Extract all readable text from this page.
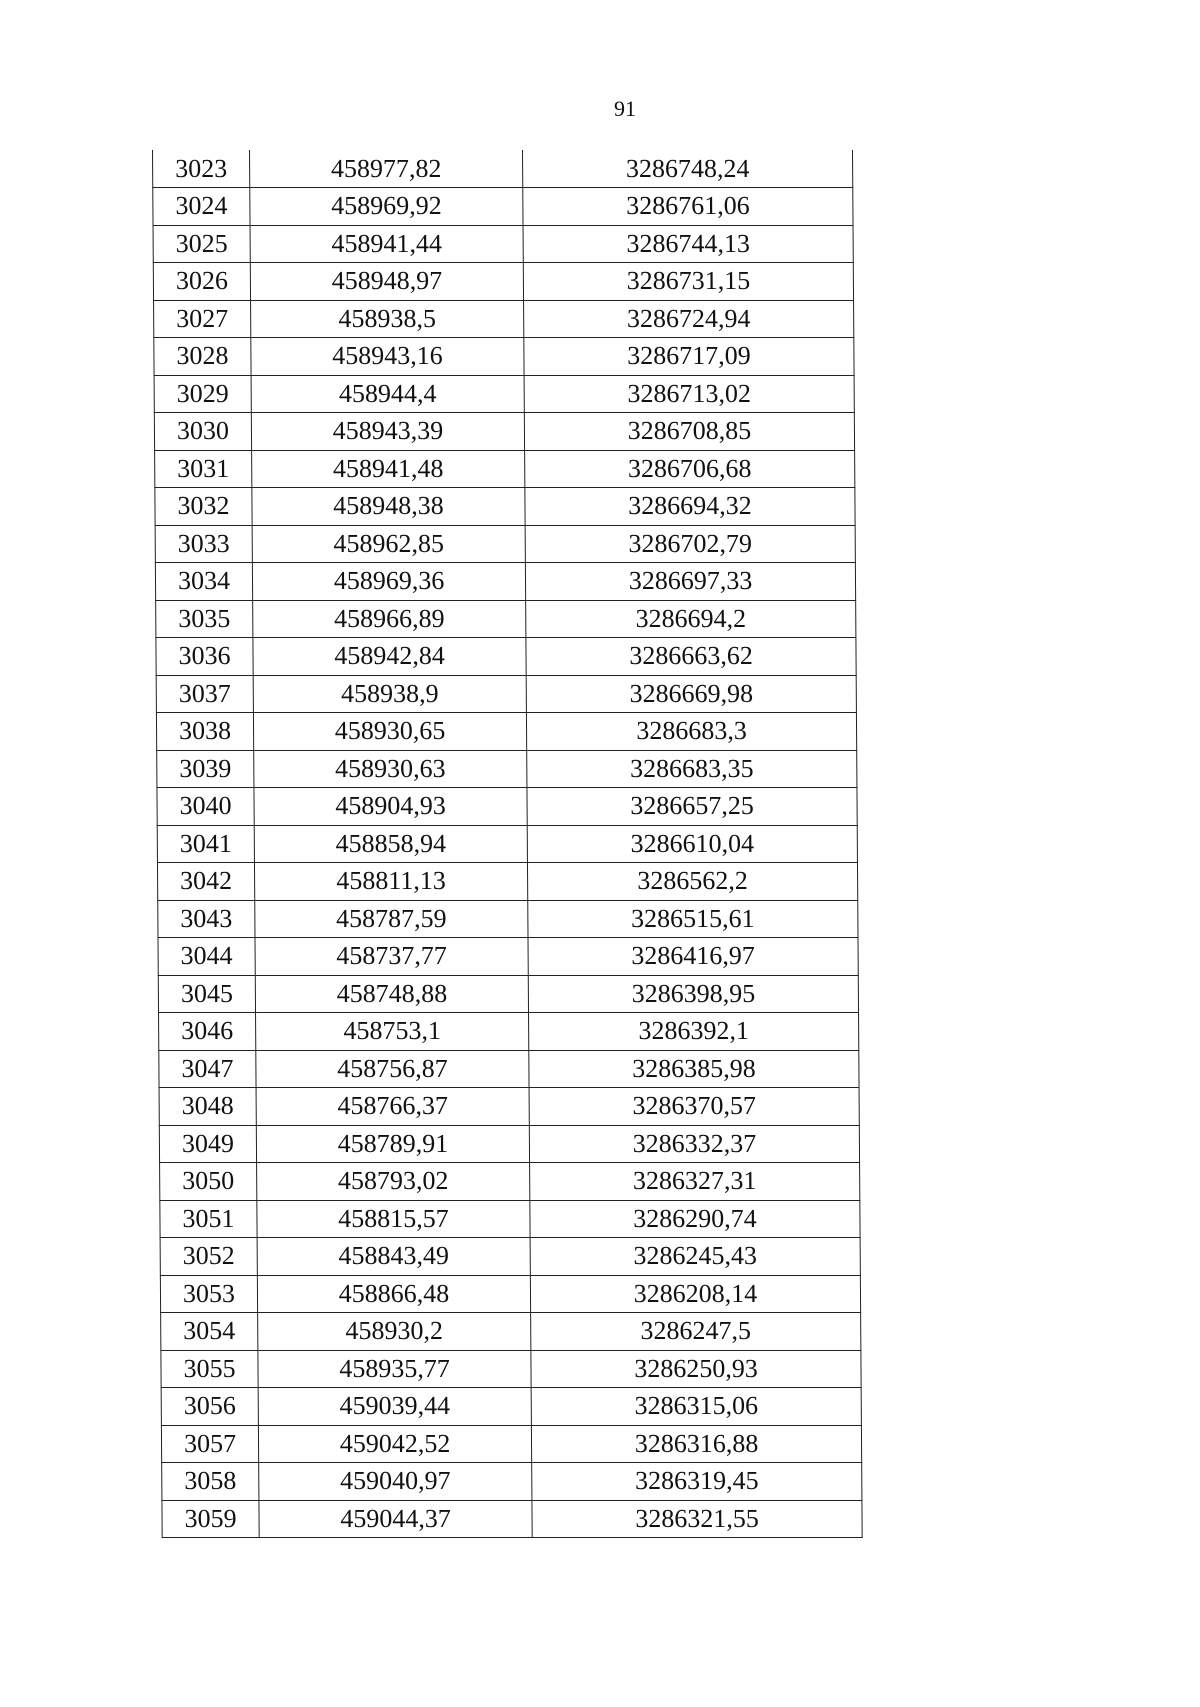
91
3023	458977,82	3286748,24
3024	458969,92	3286761,06
3025	458941,44	3286744,13
3026	458948,97	3286731,15
3027	458938,5	3286724,94
3028	458943,16	3286717,09
3029	458944,4	3286713,02
3030	458943,39	3286708,85
3031	458941,48	3286706,68
3032	458948,38	3286694,32
3033	458962,85	3286702,79
3034	458969,36	3286697,33
3035	458966,89	3286694,2
3036	458942,84	3286663,62
3037	458938,9	3286669,98
3038	458930,65	3286683,3
3039	458930,63	3286683,35
3040	458904,93	3286657,25
3041	458858,94	3286610,04
3042	458811,13	3286562,2
3043	458787,59	3286515,61
3044	458737,77	3286416,97
3045	458748,88	3286398,95
3046	458753,1	3286392,1
3047	458756,87	3286385,98
3048	458766,37	3286370,57
3049	458789,91	3286332,37
3050	458793,02	3286327,31
3051	458815,57	3286290,74
3052	458843,49	3286245,43
3053	458866,48	3286208,14
3054	458930,2	3286247,5
3055	458935,77	3286250,93
3056	459039,44	3286315,06
3057	459042,52	3286316,88
3058	459040,97	3286319,45
3059	459044,37	3286321,55
